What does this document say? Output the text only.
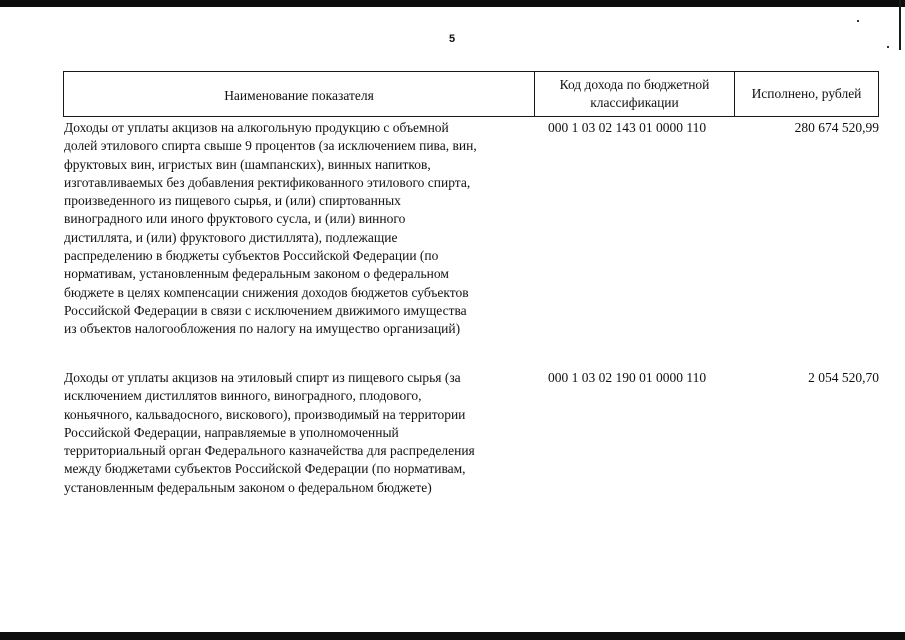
5
Наименование показателя
Код дохода по бюджетной
классификации
Исполнено, рублей
Доходы от уплаты акцизов на алкогольную продукцию с объемной
долей этилового спирта свыше 9 процентов (за исключением пива, вин,
фруктовых вин, игристых вин (шампанских), винных напитков,
изготавливаемых без добавления ректификованного этилового спирта,
произведенного из пищевого сырья, и (или) спиртованных
виноградного или иного фруктового сусла, и (или) винного
дистиллята, и (или) фруктового дистиллята), подлежащие
распределению в бюджеты субъектов Российской Федерации (по
нормативам, установленным федеральным законом о федеральном
бюджете в целях компенсации снижения доходов бюджетов субъектов
Российской Федерации в связи с исключением движимого имущества
из объектов налогообложения по налогу на имущество организаций)
000 1 03 02 143 01 0000 110	280 674 520,99
Доходы от уплаты акцизов на этиловый спирт из пищевого сырья (за
исключением дистиллятов винного, виноградного, плодового,
коньячного, кальвадосного, вискового), производимый на территории
Российской Федерации, направляемые в уполномоченный
территориальный орган Федерального казначейства для распределения
между бюджетами субъектов Российской Федерации (по нормативам,
установленным федеральным законом о федеральном бюджете)
000 1 03 02 190 01 0000 110	2 054 520,70
